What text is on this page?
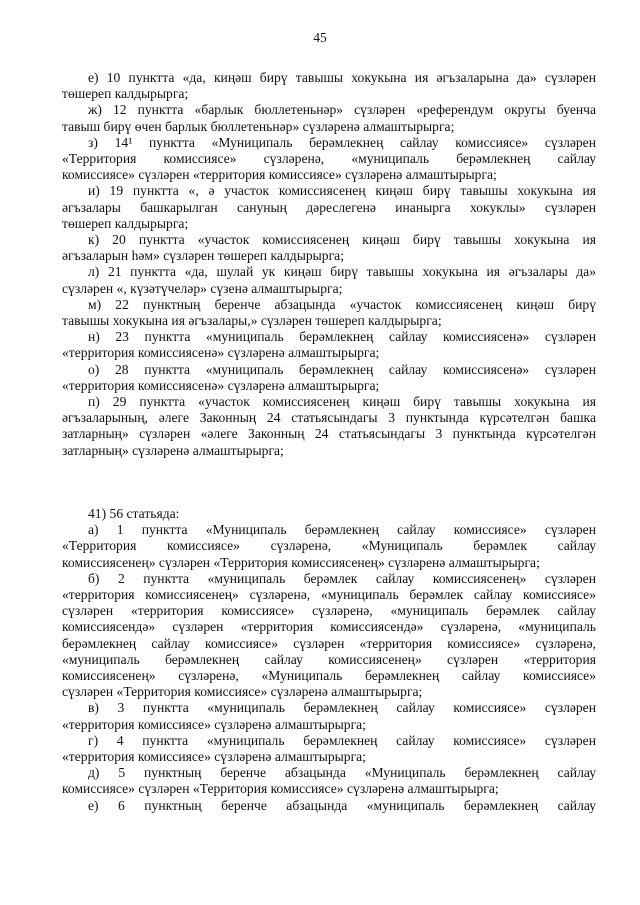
45
е) 10 пунктта «да, киңәш бирү тавышы хокукына ия әгъзаларына да» сүзләрен
төшереп калдырырга;
ж) 12 пунктта «барлык бюллетеньнәр» сүзләрен «референдум округы буенча
тавыш бирү өчен барлык бюллетеньнәр» сүзләренә алмаштырырга;
з) 14¹ пунктта «Муниципаль берәмлекнең сайлау комиссиясе» сүзләрен
«Территория комиссиясе» сүзләренә, «муниципаль берәмлекнең сайлау
комиссиясе» сүзләрен «территория комиссиясе» сүзләренә алмаштырырга;
и) 19 пунктта «, ә участок комиссиясенең киңәш бирү тавышы хокукына ия
әгъзалары башкарылган сануның дәреслегенә инанырга хокуклы» сүзләрен
төшереп калдырырга;
к) 20 пунктта «участок комиссиясенең киңәш бирү тавышы хокукына ия
әгъзаларын һәм» сүзләрен төшереп калдырырга;
л) 21 пунктта «да, шулай ук киңәш бирү тавышы хокукына ия әгъзалары да»
сүзләрен «, күзәтүчеләр» сүзенә алмаштырырга;
м) 22 пунктның беренче абзацында «участок комиссиясенең киңәш бирү
тавышы хокукына ия әгъзалары,» сүзләрен төшереп калдырырга;
н) 23 пунктта «муниципаль берәмлекнең сайлау комиссиясенә» сүзләрен
«территория комиссиясенә» сүзләренә алмаштырырга;
о) 28 пунктта «муниципаль берәмлекнең сайлау комиссиясенә» сүзләрен
«территория комиссиясенә» сүзләренә алмаштырырга;
п) 29 пунктта «участок комиссиясенең киңәш бирү тавышы хокукына ия
әгъзаларының, әлеге Законның 24 статьясындагы 3 пунктында күрсәтелгән башка
затларның» сүзләрен «әлеге Законның 24 статьясындагы 3 пунктында күрсәтелгән
затларның» сүзләренә алмаштырырга;
41) 56 статьяда:
а) 1 пунктта «Муниципаль берәмлекнең сайлау комиссиясе» сүзләрен
«Территория комиссиясе» сүзләренә, «Муниципаль берәмлек сайлау
комиссиясенең» сүзләрен «Территория комиссиясенең» сүзләренә алмаштырырга;
б) 2 пунктта «муниципаль берәмлек сайлау комиссиясенең» сүзләрен
«территория комиссиясенең» сүзләренә, «муниципаль берәмлек сайлау комиссиясе»
сүзләрен «территория комиссиясе» сүзләренә, «муниципаль берәмлек сайлау
комиссиясендә» сүзләрен «территория комиссиясендә» сүзләренә, «муниципаль
берәмлекнең сайлау комиссиясе» сүзләрен «территория комиссиясе» сүзләренә,
«муниципаль берәмлекнең сайлау комиссиясенең» сүзләрен «территория
комиссиясенең» сүзләренә, «Муниципаль берәмлекнең сайлау комиссиясе»
сүзләрен «Территория комиссиясе» сүзләренә алмаштырырга;
в) 3 пунктта «муниципаль берәмлекнең сайлау комиссиясе» сүзләрен
«территория комиссиясе» сүзләренә алмаштырырга;
г) 4 пунктта «муниципаль берәмлекнең сайлау комиссиясе» сүзләрен
«территория комиссиясе» сүзләренә алмаштырырга;
д) 5 пунктның беренче абзацында «Муниципаль берәмлекнең сайлау
комиссиясе» сүзләрен «Территория комиссиясе» сүзләренә алмаштырырга;
е) 6 пунктның беренче абзацында «муниципаль берәмлекнең сайлау
